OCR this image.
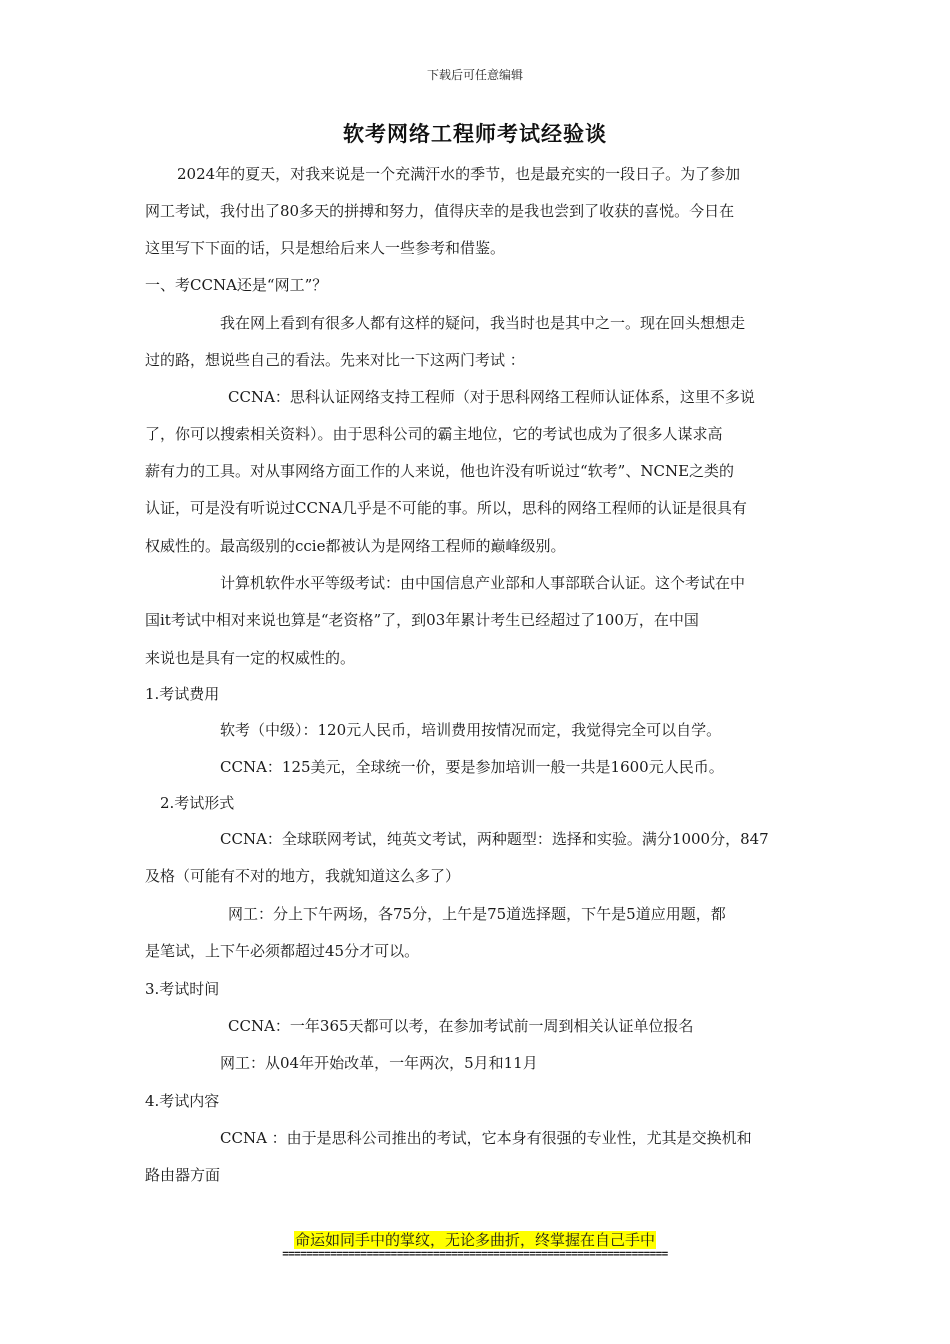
下载后可任意编辑
软考网络工程师考试经验谈
2024年的夏天，对我来说是一个充满汗水的季节，也是最充实的一段日子。为了参加
网工考试，我付出了80多天的拼搏和努力，值得庆幸的是我也尝到了收获的喜悦。今日在
这里写下下面的话，只是想给后来人一些参考和借鉴。
一、考CCNA还是“网工”？
我在网上看到有很多人都有这样的疑问，我当时也是其中之一。现在回头想想走
过的路，想说些自己的看法。先来对比一下这两门考试 ：
CCNA：思科认证网络支持工程师（对于思科网络工程师认证体系，这里不多说
了，你可以搜索相关资料）。由于思科公司的霸主地位，它的考试也成为了很多人谋求高
薪有力的工具。对从事网络方面工作的人来说，他也许没有听说过“软考”、NCNE之类的
认证，可是没有听说过CCNA几乎是不可能的事。所以，思科的网络工程师的认证是很具有
权威性的。最高级别的ccie都被认为是网络工程师的巅峰级别。
计算机软件水平等级考试：由中国信息产业部和人事部联合认证。这个考试在中
国it考试中相对来说也算是“老资格”了，到03年累计考生已经超过了100万，在中国
来说也是具有一定的权威性的。
1.考试费用
软考（中级）：120元人民币，培训费用按情况而定，我觉得完全可以自学。
CCNA：125美元，全球统一价，要是参加培训一般一共是1600元人民币。
2.考试形式
CCNA：全球联网考试，纯英文考试，两种题型：选择和实验。满分1000分，847
及格（可能有不对的地方，我就知道这么多了）
网工：分上下午两场，各75分，上午是75道选择题，下午是5道应用题，都
是笔试，上下午必须都超过45分才可以。
3.考试时间
CCNA：一年365天都可以考，在参加考试前一周到相关认证单位报名
网工：从04年开始改革，一年两次，5月和11月
4.考试内容
CCNA ：由于是思科公司推出的考试，它本身有很强的专业性，尤其是交换机和
路由器方面
命运如同手中的掌纹，无论多曲折，终掌握在自己手中
================================================================
